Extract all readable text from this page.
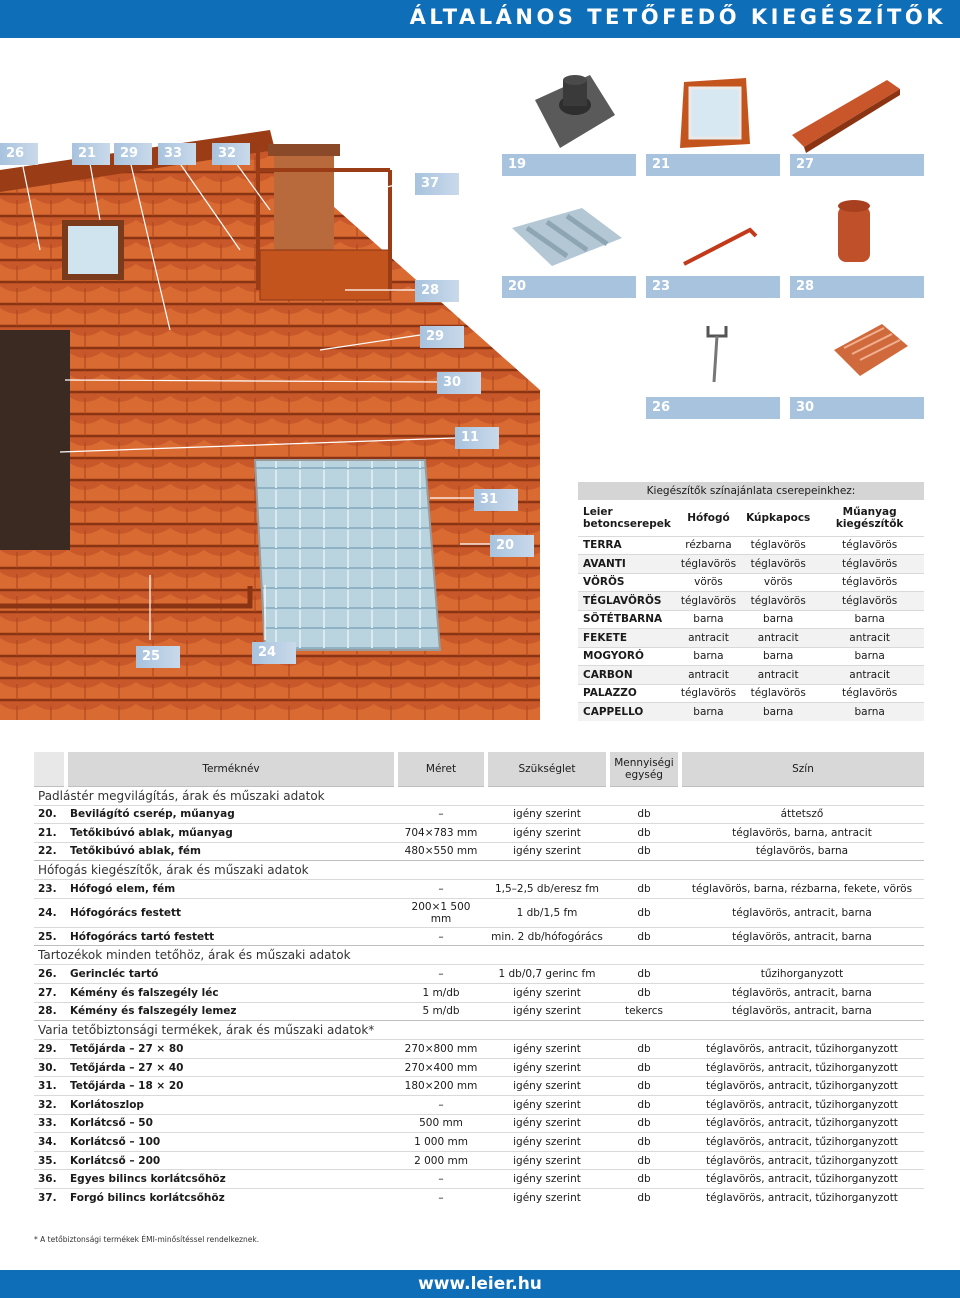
ÁLTALÁNOS TETŐFEDŐ KIEGÉSZÍTŐK
26	21	29	33	32
37
28
29
30
11
31
20
25	24
19	21	27
20	23	28
26	30
Kiegészítők színajánlata cserepeinkhez:			
Leier betoncserepek	Hófogó	Kúpkapocs	Műanyag kiegészítők
TERRA	rézbarna	téglavörös	téglavörös
AVANTI	téglavörös	téglavörös	téglavörös
VÖRÖS	vörös	vörös	téglavörös
TÉGLAVÖRÖS	téglavörös	téglavörös	téglavörös
SÖTÉTBARNA	barna	barna	barna
FEKETE	antracit	antracit	antracit
MOGYORÓ	barna	barna	barna
CARBON	antracit	antracit	antracit
PALAZZO	téglavörös	téglavörös	téglavörös
CAPPELLO	barna	barna	barna
	Terméknév	Méret	Szükséglet	Mennyiségi egység	Szín
Padlástér megvilágítás, árak és műszaki adatok					
20.	Bevilágító cserép, műanyag	–	igény szerint	db	áttetsző
21.	Tetőkibúvó ablak, műanyag	704×783 mm	igény szerint	db	téglavörös, barna, antracit
22.	Tetőkibúvó ablak, fém	480×550 mm	igény szerint	db	téglavörös, barna
Hófogás kiegészítők, árak és műszaki adatok					
23.	Hófogó elem, fém	–	1,5–2,5 db/eresz fm	db	téglavörös, barna, rézbarna, fekete, vörös
24.	Hófogórács festett	200×1 500 mm	1 db/1,5 fm	db	téglavörös, antracit, barna
25.	Hófogórács tartó festett	–	min. 2 db/hófogórács	db	téglavörös, antracit, barna
Tartozékok minden tetőhöz, árak és műszaki adatok					
26.	Gerincléc tartó	–	1 db/0,7 gerinc fm	db	tűzihorganyzott
27.	Kémény és falszegély léc	1 m/db	igény szerint	db	téglavörös, antracit, barna
28.	Kémény és falszegély lemez	5 m/db	igény szerint	tekercs	téglavörös, antracit, barna
Varia tetőbiztonsági termékek, árak és műszaki adatok*					
29.	Tetőjárda – 27 × 80	270×800 mm	igény szerint	db	téglavörös, antracit, tűzihorganyzott
30.	Tetőjárda – 27 × 40	270×400 mm	igény szerint	db	téglavörös, antracit, tűzihorganyzott
31.	Tetőjárda – 18 × 20	180×200 mm	igény szerint	db	téglavörös, antracit, tűzihorganyzott
32.	Korlátoszlop	–	igény szerint	db	téglavörös, antracit, tűzihorganyzott
33.	Korlátcső – 50	500 mm	igény szerint	db	téglavörös, antracit, tűzihorganyzott
34.	Korlátcső – 100	1 000 mm	igény szerint	db	téglavörös, antracit, tűzihorganyzott
35.	Korlátcső – 200	2 000 mm	igény szerint	db	téglavörös, antracit, tűzihorganyzott
36.	Egyes bilincs korlátcsőhöz	–	igény szerint	db	téglavörös, antracit, tűzihorganyzott
37.	Forgó bilincs korlátcsőhöz	–	igény szerint	db	téglavörös, antracit, tűzihorganyzott
* A tetőbiztonsági termékek ÉMI-minősítéssel rendelkeznek.
www.leier.hu
